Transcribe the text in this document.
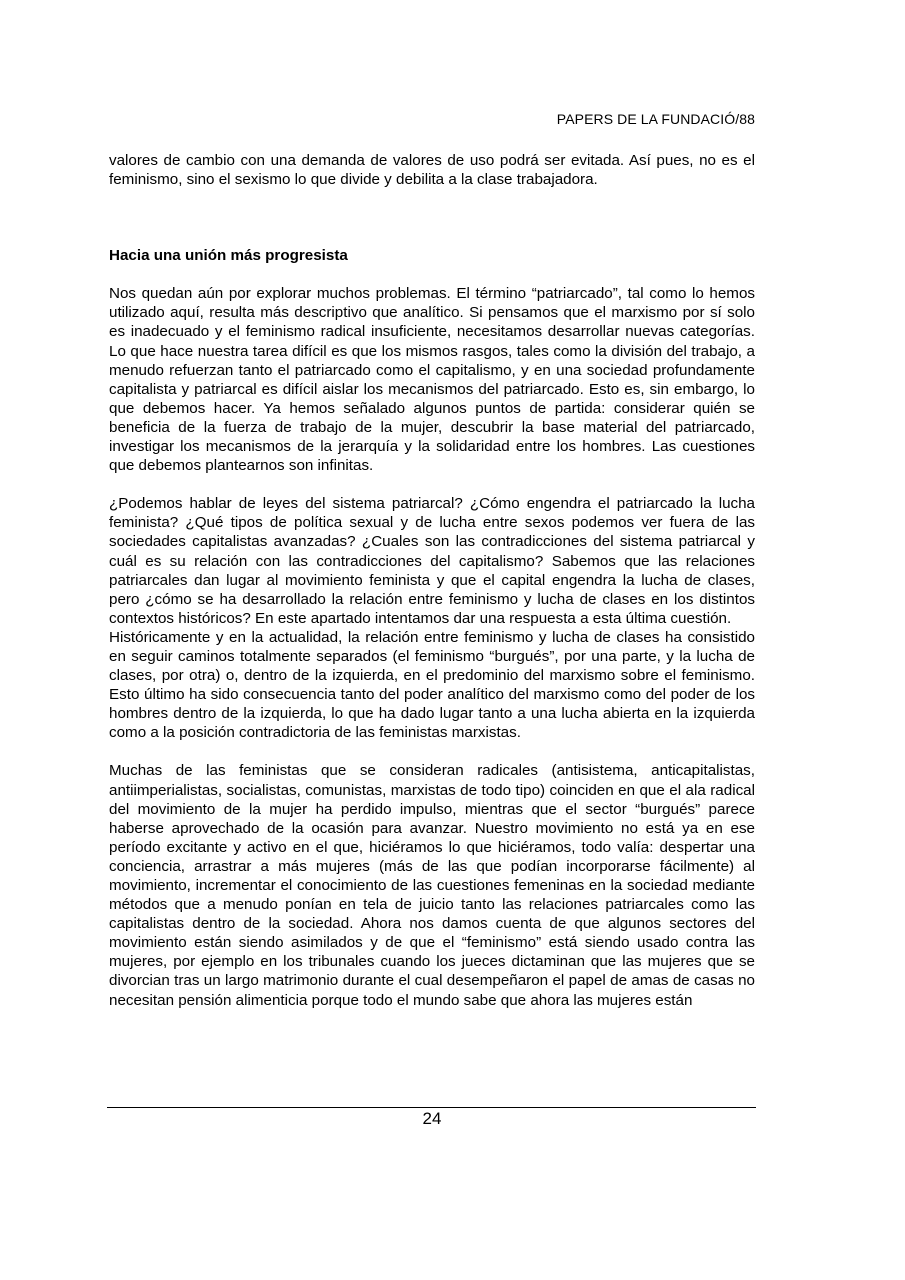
PAPERS DE LA FUNDACIÓ/88

valores de cambio con una demanda de valores de uso podrá ser evitada. Así pues, no es el feminismo, sino el sexismo lo que divide y debilita a la clase trabajadora.

Hacia una unión más progresista

Nos quedan aún por explorar muchos problemas. El término “patriarcado”, tal como lo hemos utilizado aquí, resulta más descriptivo que analítico. Si pensamos que el marxismo por sí solo es inadecuado y el feminismo radical insuficiente, necesitamos desarrollar nuevas categorías. Lo que hace nuestra tarea difícil es que los mismos rasgos, tales como la división del trabajo, a menudo refuerzan tanto el patriarcado como el capitalismo, y en una sociedad profundamente capitalista y patriarcal es difícil aislar los mecanismos del patriarcado. Esto es, sin embargo, lo que debemos hacer. Ya hemos señalado algunos puntos de partida: considerar quién se beneficia de la fuerza de trabajo de la mujer, descubrir la base material del patriarcado, investigar los mecanismos de la jerarquía y la solidaridad entre los hombres. Las cuestiones que debemos plantearnos son infinitas.

¿Podemos hablar de leyes del sistema patriarcal? ¿Cómo engendra el patriarcado la lucha feminista? ¿Qué tipos de política sexual y de lucha entre sexos podemos ver fuera de las sociedades capitalistas avanzadas? ¿Cuales son las contradicciones del sistema patriarcal y cuál es su relación con las contradicciones del capitalismo? Sabemos que las relaciones patriarcales dan lugar al movimiento feminista y que el capital engendra la lucha de clases, pero ¿cómo se ha desarrollado la relación entre feminismo y lucha de clases en los distintos contextos históricos? En este apartado intentamos dar una respuesta a esta última cuestión.

Históricamente y en la actualidad, la relación entre feminismo y lucha de clases ha consistido en seguir caminos totalmente separados (el feminismo “burgués”, por una parte, y la lucha de clases, por otra) o, dentro de la izquierda, en el predominio del marxismo sobre el feminismo. Esto último ha sido consecuencia tanto del poder analítico del marxismo como del poder de los hombres dentro de la izquierda, lo que ha dado lugar tanto a una lucha abierta en la izquierda como a la posición contradictoria de las feministas marxistas.

Muchas de las feministas que se consideran radicales (antisistema, anticapitalistas, antiimperialistas, socialistas, comunistas, marxistas de todo tipo) coinciden en que el ala radical del movimiento de la mujer ha perdido impulso, mientras que el sector “burgués” parece haberse aprovechado de la ocasión para avanzar. Nuestro movimiento no está ya en ese período excitante y activo en el que, hiciéramos lo que hiciéramos, todo valía: despertar una conciencia, arrastrar a más mujeres (más de las que podían incorporarse fácilmente) al movimiento, incrementar el conocimiento de las cuestiones femeninas en la sociedad mediante métodos que a menudo ponían en tela de juicio tanto las relaciones patriarcales como las capitalistas dentro de la sociedad. Ahora nos damos cuenta de que algunos sectores del movimiento están siendo asimilados y de que el “feminismo” está siendo usado contra las mujeres, por ejemplo en los tribunales cuando los jueces dictaminan que las mujeres que se divorcian tras un largo matrimonio durante el cual desempeñaron el papel de amas de casas no necesitan pensión alimenticia porque todo el mundo sabe que ahora las mujeres están

24
